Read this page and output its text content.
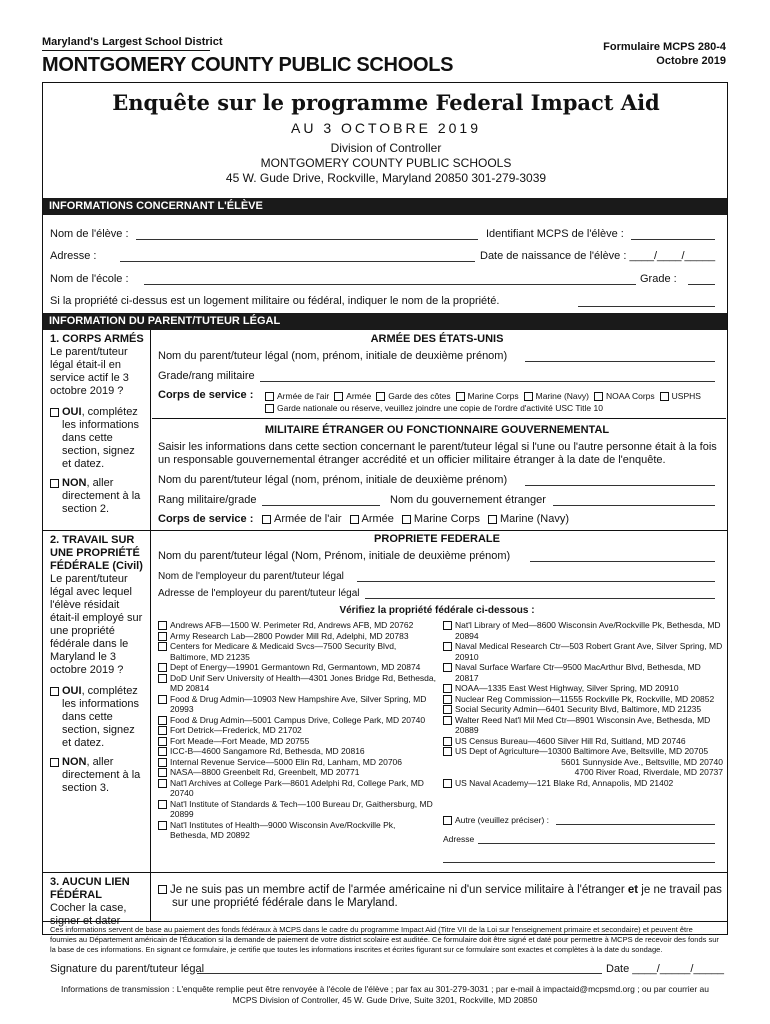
Maryland's Largest School District
MONTGOMERY COUNTY PUBLIC SCHOOLS
Formulaire MCPS 280-4
Octobre 2019
Enquête sur le programme Federal Impact Aid
AU 3 OCTOBRE 2019
Division of Controller
MONTGOMERY COUNTY PUBLIC SCHOOLS
45 W. Gude Drive, Rockville, Maryland 20850 301-279-3039
INFORMATIONS CONCERNANT L'ÉLÈVE
Nom de l'élève :	Identifiant MCPS de l'élève :
Adresse :	Date de naissance de l'élève : ____/____/_____
Nom de l'école :	Grade :
Si la propriété ci-dessus est un logement militaire ou fédéral, indiquer le nom de la propriété.
INFORMATION DU PARENT/TUTEUR LÉGAL
1. CORPS ARMÉS
Le parent/tuteur légal était-il en service actif le 3 octobre 2019 ?
OUI, complétez les informations dans cette section, signez et datez.
NON, aller directement à la section 2.
ARMÉE DES ÉTATS-UNIS
Nom du parent/tuteur légal (nom, prénom, initiale de deuxième prénom)
Grade/rang militaire
Corps de service :	Armée de l'air Armée Garde des côtes Marine Corps Marine (Navy) NOAA Corps USPHS
Garde nationale ou réserve, veuillez joindre une copie de l'ordre d'activité USC Title 10
MILITAIRE ÉTRANGER OU FONCTIONNAIRE GOUVERNEMENTAL
Saisir les informations dans cette section concernant le parent/tuteur légal si l'une ou l'autre personne était à la fois un responsable gouvernemental étranger accrédité et un officier militaire étranger à la date de l'enquête.
Nom du parent/tuteur légal (nom, prénom, initiale de deuxième prénom)
Rang militaire/grade	Nom du gouvernement étranger
Corps de service :	Armée de l'air Armée Marine Corps Marine (Navy)
2. TRAVAIL SUR UNE PROPRIÉTÉ FÉDÉRALE (Civil)
Le parent/tuteur légal avec lequel l'élève résidait était-il employé sur une propriété fédérale dans le Maryland le 3 octobre 2019 ?
OUI, complétez les informations dans cette section, signez et datez.
NON, aller directement à la section 3.
PROPRIETE FEDERALE
Nom du parent/tuteur légal (Nom, Prénom, initiale de deuxième prénom)
Nom de l'employeur du parent/tuteur légal
Adresse de l'employeur du parent/tuteur légal
Vérifiez la propriété fédérale ci-dessous :
Andrews AFB—1500 W. Perimeter Rd, Andrews AFB, MD 20762
Army Research Lab—2800 Powder Mill Rd, Adelphi, MD 20783
Centers for Medicare & Medicaid Svcs—7500 Security Blvd, Baltimore, MD 21235
Dept of Energy—19901 Germantown Rd, Germantown, MD 20874
DoD Unif Serv University of Health—4301 Jones Bridge Rd, Bethesda, MD 20814
Food & Drug Admin—10903 New Hampshire Ave, Silver Spring, MD 20993
Food & Drug Admin—5001 Campus Drive, College Park, MD 20740
Fort Detrick—Frederick, MD 21702
Fort Meade—Fort Meade, MD 20755
ICC-B—4600 Sangamore Rd, Bethesda, MD 20816
Internal Revenue Service—5000 Elin Rd, Lanham, MD 20706
NASA—8800 Greenbelt Rd, Greenbelt, MD 20771
Nat'l Archives at College Park—8601 Adelphi Rd, College Park, MD 20740
Nat'l Institute of Standards & Tech—100 Bureau Dr, Gaithersburg, MD 20899
Nat'l Institutes of Health—9000 Wisconsin Ave/Rockville Pk, Bethesda, MD 20892
Nat'l Library of Med—8600 Wisconsin Ave/Rockville Pk, Bethesda, MD 20894
Naval Medical Research Ctr—503 Robert Grant Ave, Silver Spring, MD 20910
Naval Surface Warfare Ctr—9500 MacArthur Blvd, Bethesda, MD 20817
NOAA—1335 East West Highway, Silver Spring, MD 20910
Nuclear Reg Commission—11555 Rockville Pk, Rockville, MD 20852
Social Security Admin—6401 Security Blvd, Baltimore, MD 21235
Walter Reed Nat'l Mil Med Ctr—8901 Wisconsin Ave, Bethesda, MD 20889
US Census Bureau—4600 Silver Hill Rd, Suitland, MD 20746
US Dept of Agriculture—10300 Baltimore Ave, Beltsville, MD 20705
5601 Sunnyside Ave., Beltsville, MD 20740
4700 River Road, Riverdale, MD 20737
US Naval Academy—121 Blake Rd, Annapolis, MD 21402
Autre (veuillez préciser) :
Adresse
3. AUCUN LIEN FÉDÉRAL
Cocher la case, signer et dater
Je ne suis pas un membre actif de l'armée américaine ni d'un service militaire à l'étranger et je ne travail pas sur une propriété fédérale dans le Maryland.
Ces informations servent de base au paiement des fonds fédéraux à MCPS dans le cadre du programme Impact Aid (Titre VII de la Loi sur l'enseignement primaire et secondaire) et peuvent être fournies au Département américain de l'Éducation si la demande de paiement de votre district scolaire est auditée. Ce formulaire doit être signé et daté pour permettre à MCPS de recevoir des fonds sur la base de ces informations. En signant ce formulaire, je certifie que toutes les informations inscrites et écrites figurant sur ce formulaire sont exactes et complètes à la date du sondage.
Signature du parent/tuteur légal	Date ____/_____/_____
Informations de transmission : L'enquête remplie peut être renvoyée à l'école de l'élève ; par fax au 301-279-3031 ; par e-mail à impactaid@mcpsmd.org ; ou par courrier au
MCPS Division of Controller, 45 W. Gude Drive, Suite 3201, Rockville, MD 20850
